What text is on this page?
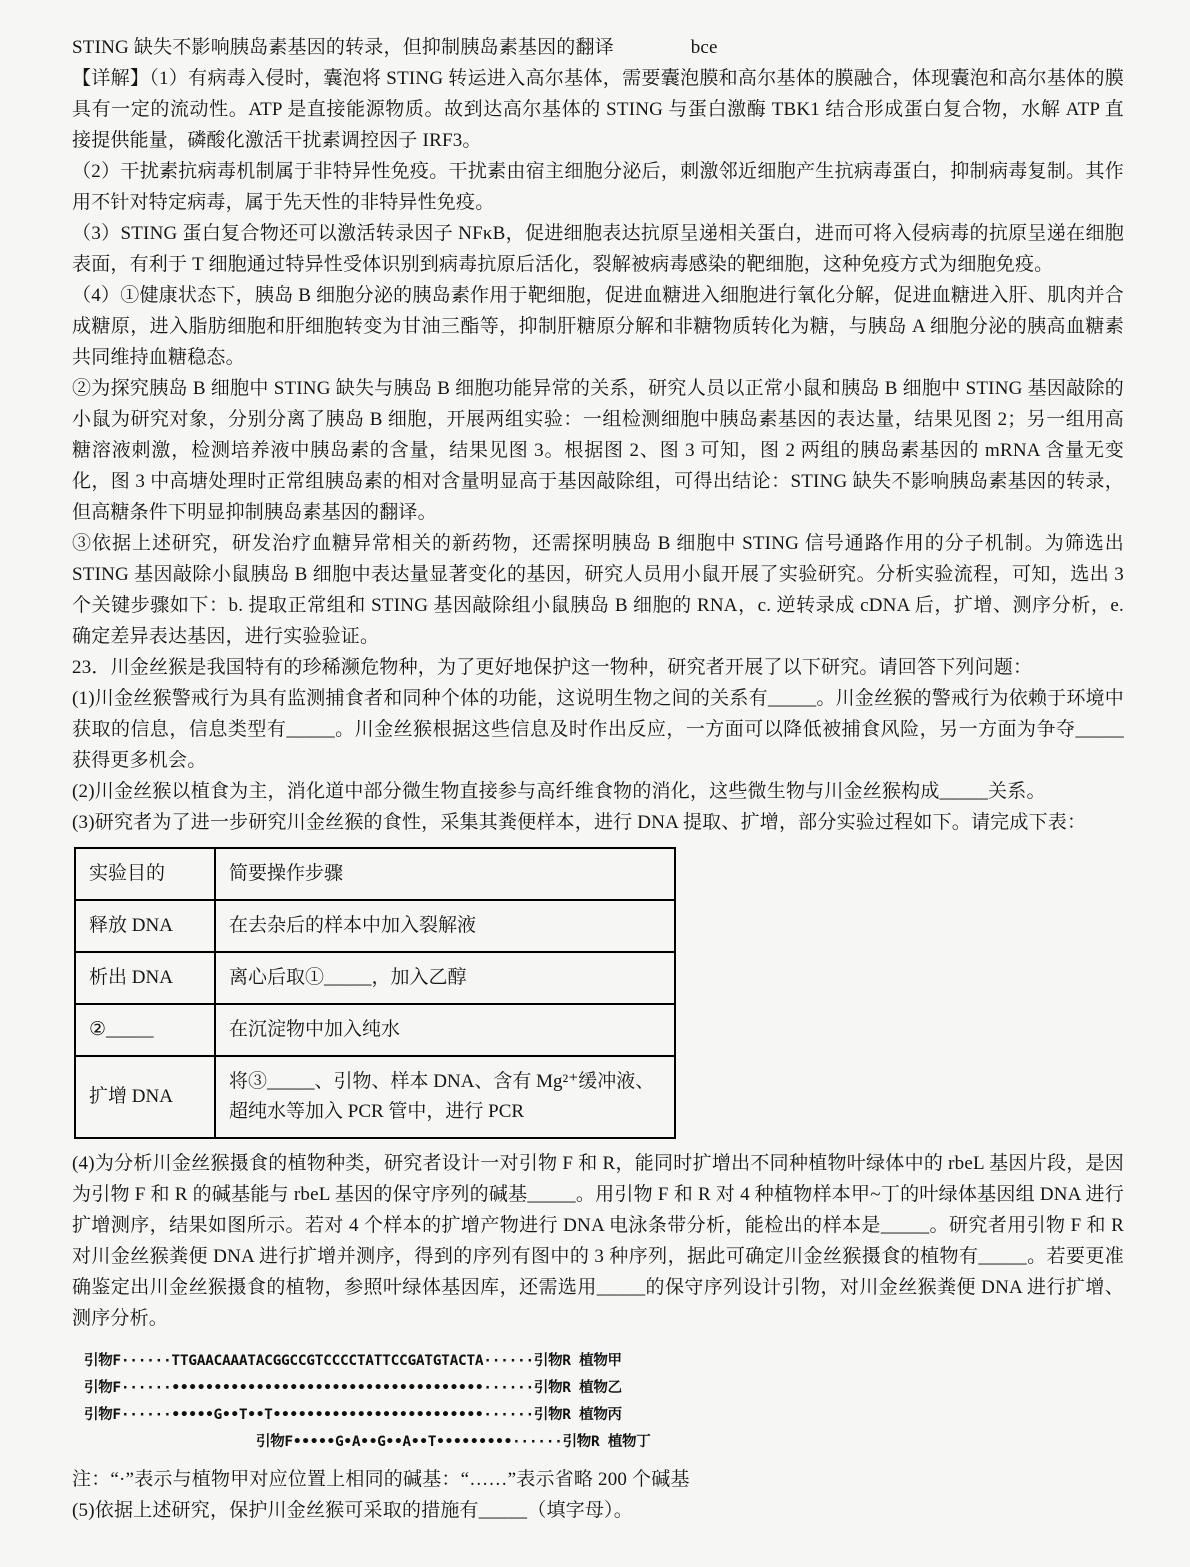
STING 缺失不影响胰岛素基因的转录，但抑制胰岛素基因的翻译　　　　bce

【详解】（1）有病毒入侵时，囊泡将 STING 转运进入高尔基体，需要囊泡膜和高尔基体的膜融合，体现囊泡和高尔基体的膜具有一定的流动性。ATP 是直接能源物质。故到达高尔基体的 STING 与蛋白激酶 TBK1 结合形成蛋白复合物，水解 ATP 直接提供能量，磷酸化激活干扰素调控因子 IRF3。

（2）干扰素抗病毒机制属于非特异性免疫。干扰素由宿主细胞分泌后，刺激邻近细胞产生抗病毒蛋白，抑制病毒复制。其作用不针对特定病毒，属于先天性的非特异性免疫。

（3）STING 蛋白复合物还可以激活转录因子 NFκB，促进细胞表达抗原呈递相关蛋白，进而可将入侵病毒的抗原呈递在细胞表面，有利于 T 细胞通过特异性受体识别到病毒抗原后活化，裂解被病毒感染的靶细胞，这种免疫方式为细胞免疫。

（4）①健康状态下，胰岛 B 细胞分泌的胰岛素作用于靶细胞，促进血糖进入细胞进行氧化分解，促进血糖进入肝、肌肉并合成糖原，进入脂肪细胞和肝细胞转变为甘油三酯等，抑制肝糖原分解和非糖物质转化为糖，与胰岛 A 细胞分泌的胰高血糖素共同维持血糖稳态。

②为探究胰岛 B 细胞中 STING 缺失与胰岛 B 细胞功能异常的关系，研究人员以正常小鼠和胰岛 B 细胞中 STING 基因敲除的小鼠为研究对象，分别分离了胰岛 B 细胞，开展两组实验：一组检测细胞中胰岛素基因的表达量，结果见图 2；另一组用高糖溶液刺激，检测培养液中胰岛素的含量，结果见图 3。根据图 2、图 3 可知，图 2 两组的胰岛素基因的 mRNA 含量无变化，图 3 中高塘处理时正常组胰岛素的相对含量明显高于基因敲除组，可得出结论：STING 缺失不影响胰岛素基因的转录，但高糖条件下明显抑制胰岛素基因的翻译。

③依据上述研究，研发治疗血糖异常相关的新药物，还需探明胰岛 B 细胞中 STING 信号通路作用的分子机制。为筛选出 STING 基因敲除小鼠胰岛 B 细胞中表达量显著变化的基因，研究人员用小鼠开展了实验研究。分析实验流程，可知，选出 3 个关键步骤如下：b. 提取正常组和 STING 基因敲除组小鼠胰岛 B 细胞的 RNA，c. 逆转录成 cDNA 后，扩增、测序分析，e. 确定差异表达基因，进行实验验证。

23．川金丝猴是我国特有的珍稀濒危物种，为了更好地保护这一物种，研究者开展了以下研究。请回答下列问题：

(1)川金丝猴警戒行为具有监测捕食者和同种个体的功能，这说明生物之间的关系有_____。川金丝猴的警戒行为依赖于环境中获取的信息，信息类型有_____。川金丝猴根据这些信息及时作出反应，一方面可以降低被捕食风险，另一方面为争夺_____获得更多机会。

(2)川金丝猴以植食为主，消化道中部分微生物直接参与高纤维食物的消化，这些微生物与川金丝猴构成_____关系。

(3)研究者为了进一步研究川金丝猴的食性，采集其粪便样本，进行 DNA 提取、扩增，部分实验过程如下。请完成下表：

实验目的	简要操作步骤
释放 DNA	在去杂后的样本中加入裂解液
析出 DNA	离心后取①_____，加入乙醇
②_____	在沉淀物中加入纯水
扩增 DNA	将③_____、引物、样本 DNA、含有 Mg²⁺缓冲液、超纯水等加入 PCR 管中，进行 PCR

(4)为分析川金丝猴摄食的植物种类，研究者设计一对引物 F 和 R，能同时扩增出不同种植物叶绿体中的 rbeL 基因片段，是因为引物 F 和 R 的碱基能与 rbeL 基因的保守序列的碱基_____。用引物 F 和 R 对 4 种植物样本甲~丁的叶绿体基因组 DNA 进行扩增测序，结果如图所示。若对 4 个样本的扩增产物进行 DNA 电泳条带分析，能检出的样本是_____。研究者用引物 F 和 R 对川金丝猴粪便 DNA 进行扩增并测序，得到的序列有图中的 3 种序列，据此可确定川金丝猴摄食的植物有_____。若要更准确鉴定出川金丝猴摄食的植物，参照叶绿体基因库，还需选用_____的保守序列设计引物，对川金丝猴粪便 DNA 进行扩增、测序分析。

引物F······TTGAACAAATACGGCCGTCCCCTATTCCGATGTACTA······引物R 植物甲
引物F······•••••••••••••••••••••••••••••••••••••······引物R 植物乙
引物F······•••••G••T••T•••••••••••••••••••••••••······引物R 植物丙
引物F•••••G•A••G••A••T•••••••••······引物R 植物丁

注：“·”表示与植物甲对应位置上相同的碱基：“……”表示省略 200 个碱基

(5)依据上述研究，保护川金丝猴可采取的措施有_____（填字母）。
